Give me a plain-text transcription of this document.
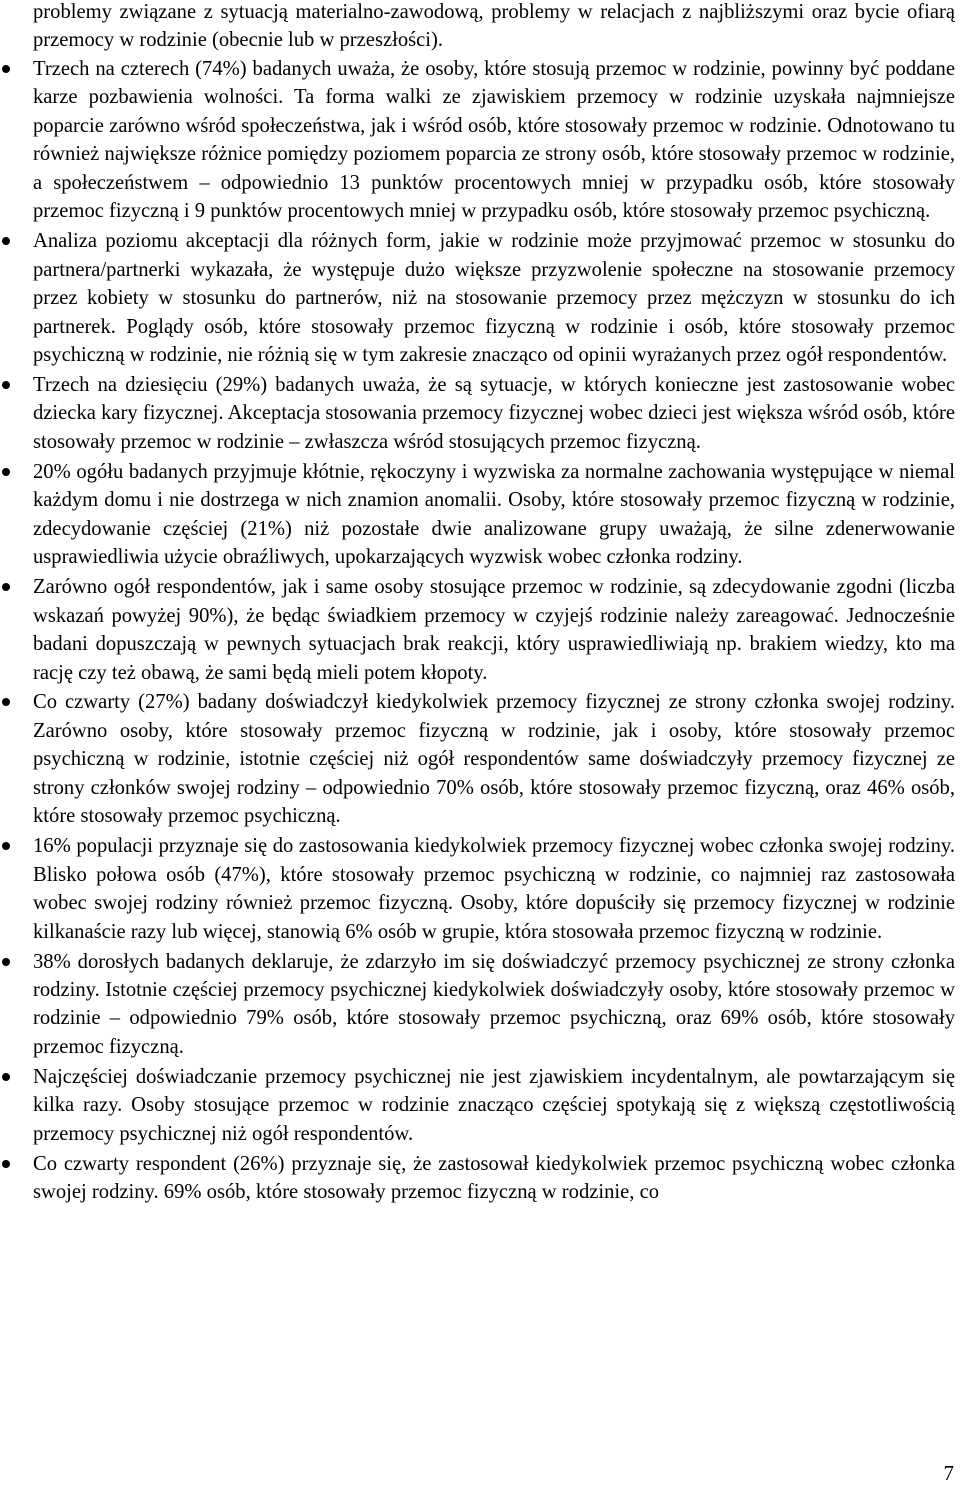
problemy związane z sytuacją materialno-zawodową, problemy w relacjach z najbliższymi oraz bycie ofiarą przemocy w rodzinie (obecnie lub w przeszłości).

Trzech na czterech (74%) badanych uważa, że osoby, które stosują przemoc w rodzinie, powinny być poddane karze pozbawienia wolności. Ta forma walki ze zjawiskiem przemocy w rodzinie uzyskała najmniejsze poparcie zarówno wśród społeczeństwa, jak i wśród osób, które stosowały przemoc w rodzinie. Odnotowano tu również największe różnice pomiędzy poziomem poparcia ze strony osób, które stosowały przemoc w rodzinie, a społeczeństwem – odpowiednio 13 punktów procentowych mniej w przypadku osób, które stosowały przemoc fizyczną i 9 punktów procentowych mniej w przypadku osób, które stosowały przemoc psychiczną.
Analiza poziomu akceptacji dla różnych form, jakie w rodzinie może przyjmować przemoc w stosunku do partnera/partnerki wykazała, że występuje dużo większe przyzwolenie społeczne na stosowanie przemocy przez kobiety w stosunku do partnerów, niż na stosowanie przemocy przez mężczyzn w stosunku do ich partnerek. Poglądy osób, które stosowały przemoc fizyczną w rodzinie i osób, które stosowały przemoc psychiczną w rodzinie, nie różnią się w tym zakresie znacząco od opinii wyrażanych przez ogół respondentów.
Trzech na dziesięciu (29%) badanych uważa, że są sytuacje, w których konieczne jest zastosowanie wobec dziecka kary fizycznej. Akceptacja stosowania przemocy fizycznej wobec dzieci jest większa wśród osób, które stosowały przemoc w rodzinie – zwłaszcza wśród stosujących przemoc fizyczną.
20% ogółu badanych przyjmuje kłótnie, rękoczyny i wyzwiska za normalne zachowania występujące w niemal każdym domu i nie dostrzega w nich znamion anomalii. Osoby, które stosowały przemoc fizyczną w rodzinie, zdecydowanie częściej (21%) niż pozostałe dwie analizowane grupy uważają, że silne zdenerwowanie usprawiedliwia użycie obraźliwych, upokarzających wyzwisk wobec członka rodziny.
Zarówno ogół respondentów, jak i same osoby stosujące przemoc w rodzinie, są zdecydowanie zgodni (liczba wskazań powyżej 90%), że będąc świadkiem przemocy w czyjejś rodzinie należy zareagować. Jednocześnie badani dopuszczają w pewnych sytuacjach brak reakcji, który usprawiedliwiają np. brakiem wiedzy, kto ma rację czy też obawą, że sami będą mieli potem kłopoty.
Co czwarty (27%) badany doświadczył kiedykolwiek przemocy fizycznej ze strony członka swojej rodziny. Zarówno osoby, które stosowały przemoc fizyczną w rodzinie, jak i osoby, które stosowały przemoc psychiczną w rodzinie, istotnie częściej niż ogół respondentów same doświadczyły przemocy fizycznej ze strony członków swojej rodziny – odpowiednio 70% osób, które stosowały przemoc fizyczną, oraz 46% osób, które stosowały przemoc psychiczną.
16% populacji przyznaje się do zastosowania kiedykolwiek przemocy fizycznej wobec członka swojej rodziny. Blisko połowa osób (47%), które stosowały przemoc psychiczną w rodzinie, co najmniej raz zastosowała wobec swojej rodziny również przemoc fizyczną. Osoby, które dopuściły się przemocy fizycznej w rodzinie kilkanaście razy lub więcej, stanowią 6% osób w grupie, która stosowała przemoc fizyczną w rodzinie.
38% dorosłych badanych deklaruje, że zdarzyło im się doświadczyć przemocy psychicznej ze strony członka rodziny. Istotnie częściej przemocy psychicznej kiedykolwiek doświadczyły osoby, które stosowały przemoc w rodzinie – odpowiednio 79% osób, które stosowały przemoc psychiczną, oraz 69% osób, które stosowały przemoc fizyczną.
Najczęściej doświadczanie przemocy psychicznej nie jest zjawiskiem incydentalnym, ale powtarzającym się kilka razy. Osoby stosujące przemoc w rodzinie znacząco częściej spotykają się z większą częstotliwością przemocy psychicznej niż ogół respondentów.
Co czwarty respondent (26%) przyznaje się, że zastosował kiedykolwiek przemoc psychiczną wobec członka swojej rodziny. 69% osób, które stosowały przemoc fizyczną w rodzinie, co
7
